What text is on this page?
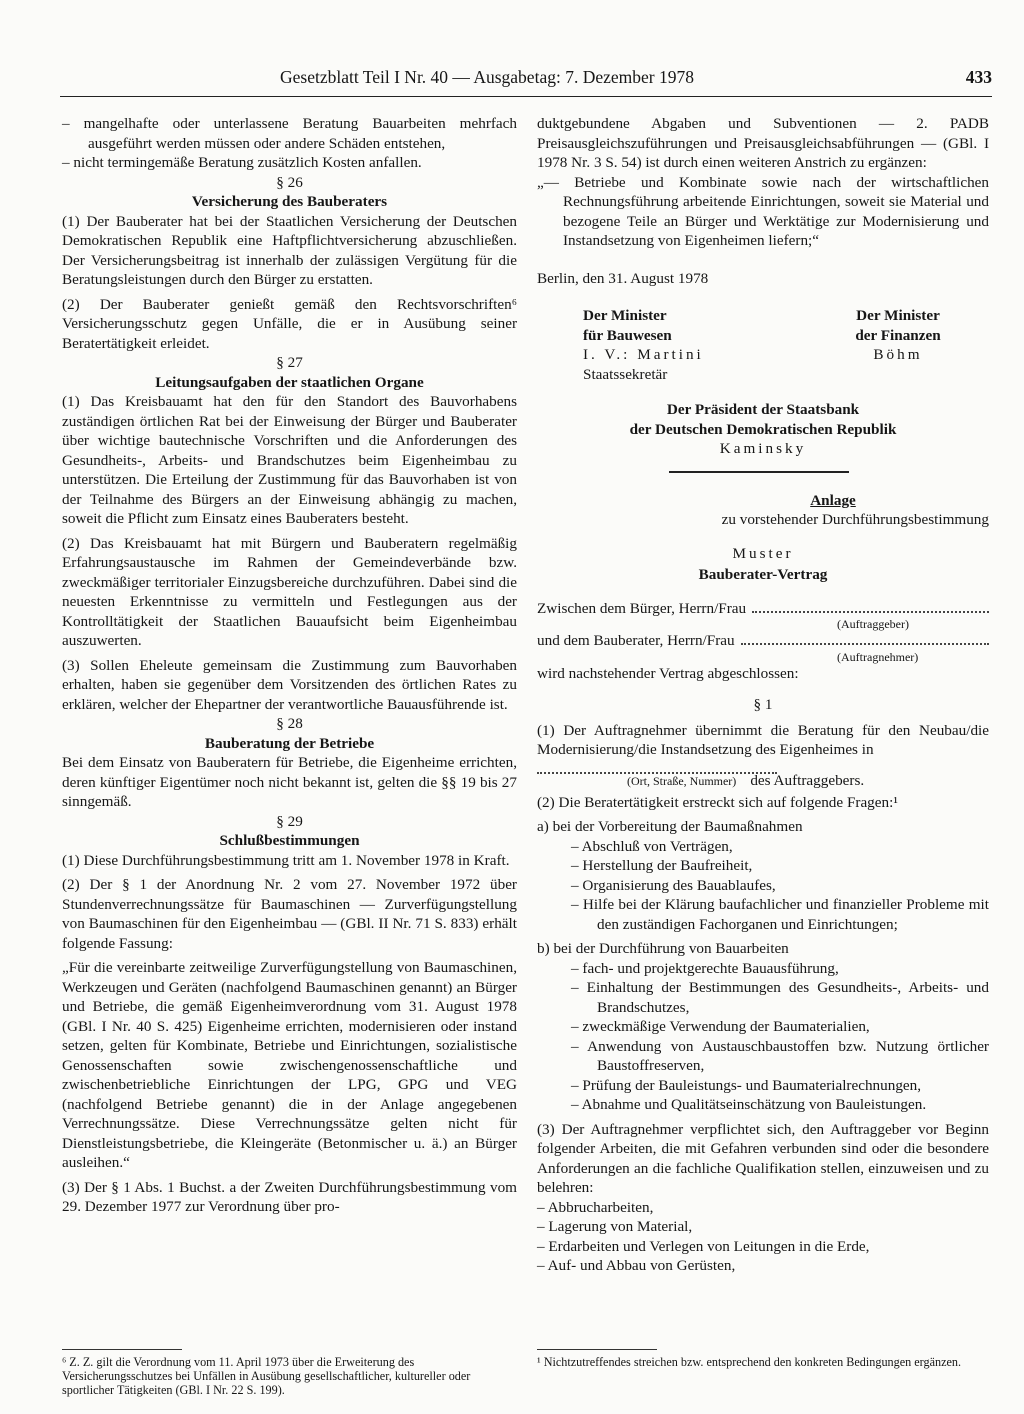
Gesetzblatt Teil I Nr. 40 — Ausgabetag: 7. Dezember 1978	433

– mangelhafte oder unterlassene Beratung Bauarbeiten mehrfach ausgeführt werden müssen oder andere Schäden entstehen,

– nicht termingemäße Beratung zusätzlich Kosten anfallen.

§ 26

Versicherung des Bauberaters

(1) Der Bauberater hat bei der Staatlichen Versicherung der Deutschen Demokratischen Republik eine Haftpflichtversicherung abzuschließen. Der Versicherungsbeitrag ist innerhalb der zulässigen Vergütung für die Beratungsleistungen durch den Bürger zu erstatten.

(2) Der Bauberater genießt gemäß den Rechtsvorschriften⁶ Versicherungsschutz gegen Unfälle, die er in Ausübung seiner Beratertätigkeit erleidet.

§ 27

Leitungsaufgaben der staatlichen Organe

(1) Das Kreisbauamt hat den für den Standort des Bauvorhabens zuständigen örtlichen Rat bei der Einweisung der Bürger und Bauberater über wichtige bautechnische Vorschriften und die Anforderungen des Gesundheits-, Arbeits- und Brandschutzes beim Eigenheimbau zu unterstützen. Die Erteilung der Zustimmung für das Bauvorhaben ist von der Teilnahme des Bürgers an der Einweisung abhängig zu machen, soweit die Pflicht zum Einsatz eines Bauberaters besteht.

(2) Das Kreisbauamt hat mit Bürgern und Bauberatern regelmäßig Erfahrungsaustausche im Rahmen der Gemeindeverbände bzw. zweckmäßiger territorialer Einzugsbereiche durchzuführen. Dabei sind die neuesten Erkenntnisse zu vermitteln und Festlegungen aus der Kontrolltätigkeit der Staatlichen Bauaufsicht beim Eigenheimbau auszuwerten.

(3) Sollen Eheleute gemeinsam die Zustimmung zum Bauvorhaben erhalten, haben sie gegenüber dem Vorsitzenden des örtlichen Rates zu erklären, welcher der Ehepartner der verantwortliche Bauausführende ist.

§ 28

Bauberatung der Betriebe

Bei dem Einsatz von Bauberatern für Betriebe, die Eigenheime errichten, deren künftiger Eigentümer noch nicht bekannt ist, gelten die §§ 19 bis 27 sinngemäß.

§ 29

Schlußbestimmungen

(1) Diese Durchführungsbestimmung tritt am 1. November 1978 in Kraft.

(2) Der § 1 der Anordnung Nr. 2 vom 27. November 1972 über Stundenverrechnungssätze für Baumaschinen — Zurverfügungstellung von Baumaschinen für den Eigenheimbau — (GBl. II Nr. 71 S. 833) erhält folgende Fassung:

„Für die vereinbarte zeitweilige Zurverfügungstellung von Baumaschinen, Werkzeugen und Geräten (nachfolgend Baumaschinen genannt) an Bürger und Betriebe, die gemäß Eigenheimverordnung vom 31. August 1978 (GBl. I Nr. 40 S. 425) Eigenheime errichten, modernisieren oder instand setzen, gelten für Kombinate, Betriebe und Einrichtungen, sozialistische Genossenschaften sowie zwischengenossenschaftliche und zwischenbetriebliche Einrichtungen der LPG, GPG und VEG (nachfolgend Betriebe genannt) die in der Anlage angegebenen Verrechnungssätze. Diese Verrechnungssätze gelten nicht für Dienstleistungsbetriebe, die Kleingeräte (Betonmischer u. ä.) an Bürger ausleihen.“

(3) Der § 1 Abs. 1 Buchst. a der Zweiten Durchführungsbestimmung vom 29. Dezember 1977 zur Verordnung über pro-

duktgebundene Abgaben und Subventionen — 2. PADB Preisausgleichszuführungen und Preisausgleichsabführungen — (GBl. I 1978 Nr. 3 S. 54) ist durch einen weiteren Anstrich zu ergänzen:

„— Betriebe und Kombinate sowie nach der wirtschaftlichen Rechnungsführung arbeitende Einrichtungen, soweit sie Material und bezogene Teile an Bürger und Werktätige zur Modernisierung und Instandsetzung von Eigenheimen liefern;“

Berlin, den 31. August 1978

Der Minister
für Bauwesen
I. V.: Martini
Staatssekretär
Der Minister
der Finanzen
Böhm
Der Präsident der Staatsbank
der Deutschen Demokratischen Republik
Kaminsky

Anlage

zu vorstehender Durchführungsbestimmung

Muster

Bauberater-Vertrag

Zwischen dem Bürger, Herrn/Frau
(Auftraggeber)
und dem Bauberater, Herrn/Frau
(Auftragnehmer)

wird nachstehender Vertrag abgeschlossen:

§ 1

(1) Der Auftragnehmer übernimmt die Beratung für den Neubau/die Modernisierung/die Instandsetzung des Eigenheimes in

(Ort, Straße, Nummer) des Auftraggebers.

(2) Die Beratertätigkeit erstreckt sich auf folgende Fragen:¹

a) bei der Vorbereitung der Baumaßnahmen

– Abschluß von Verträgen,

– Herstellung der Baufreiheit,

– Organisierung des Bauablaufes,

– Hilfe bei der Klärung baufachlicher und finanzieller Probleme mit den zuständigen Fachorganen und Einrichtungen;

b) bei der Durchführung von Bauarbeiten

– fach- und projektgerechte Bauausführung,

– Einhaltung der Bestimmungen des Gesundheits-, Arbeits- und Brandschutzes,

– zweckmäßige Verwendung der Baumaterialien,

– Anwendung von Austauschbaustoffen bzw. Nutzung örtlicher Baustoffreserven,

– Prüfung der Bauleistungs- und Baumaterialrechnungen,

– Abnahme und Qualitätseinschätzung von Bauleistungen.

(3) Der Auftragnehmer verpflichtet sich, den Auftraggeber vor Beginn folgender Arbeiten, die mit Gefahren verbunden sind oder die besondere Anforderungen an die fachliche Qualifikation stellen, einzuweisen und zu belehren:

– Abbrucharbeiten,

– Lagerung von Material,

– Erdarbeiten und Verlegen von Leitungen in die Erde,

– Auf- und Abbau von Gerüsten,

⁶ Z. Z. gilt die Verordnung vom 11. April 1973 über die Erweiterung des Versicherungsschutzes bei Unfällen in Ausübung gesellschaftlicher, kultureller oder sportlicher Tätigkeiten (GBl. I Nr. 22 S. 199).
¹ Nichtzutreffendes streichen bzw. entsprechend den konkreten Bedingungen ergänzen.
